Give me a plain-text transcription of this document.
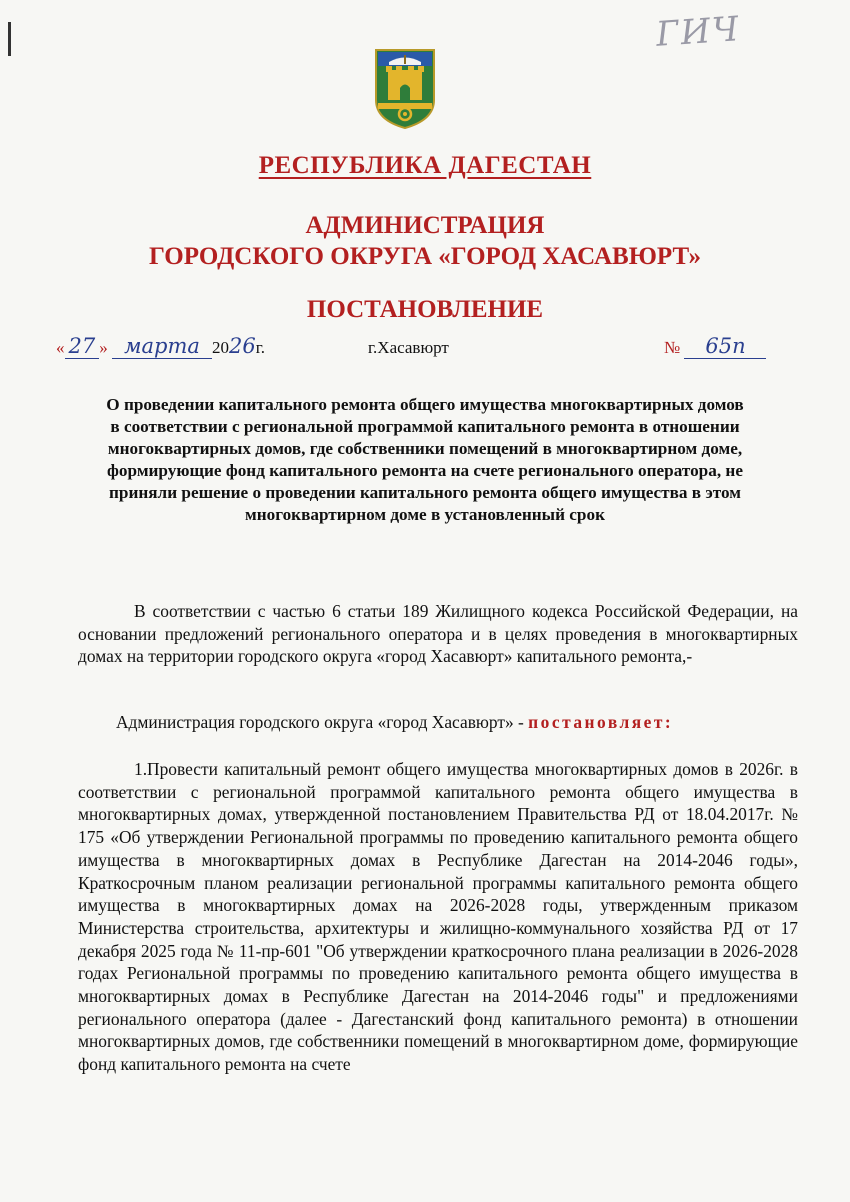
ГИЧ
РЕСПУБЛИКА ДАГЕСТАН
АДМИНИСТРАЦИЯ
ГОРОДСКОГО ОКРУГА «ГОРОД ХАСАВЮРТ»
ПОСТАНОВЛЕНИЕ
« 27 » марта 2026г.	г.Хасавюрт	№ 65п
О проведении капитального ремонта общего имущества многоквартирных домов в соответствии с региональной программой капитального ремонта в отношении многоквартирных домов, где собственники помещений в многоквартирном доме, формирующие фонд капитального ремонта на счете регионального оператора, не приняли решение о проведении капитального ремонта общего имущества в этом многоквартирном доме в установленный срок
В соответствии с частью 6 статьи 189 Жилищного кодекса Российской Федерации, на основании предложений регионального оператора и в целях проведения в многоквартирных домах на территории городского округа «город Хасавюрт» капитального ремонта,-
Администрация городского округа «город Хасавюрт» - постановляет:
1.Провести капитальный ремонт общего имущества многоквартирных домов в 2026г. в соответствии с региональной программой капитального ремонта общего имущества в многоквартирных домах, утвержденной постановлением Правительства РД от 18.04.2017г. № 175 «Об утверждении Региональной программы по проведению капитального ремонта общего имущества в многоквартирных домах в Республике Дагестан на 2014-2046 годы», Краткосрочным планом реализации региональной программы капитального ремонта общего имущества в многоквартирных домах на 2026-2028 годы, утвержденным приказом Министерства строительства, архитектуры и жилищно-коммунального хозяйства РД от 17 декабря 2025 года № 11-пр-601 "Об утверждении краткосрочного плана реализации в 2026-2028 годах Региональной программы по проведению капитального ремонта общего имущества в многоквартирных домах в Республике Дагестан на 2014-2046 годы" и предложениями регионального оператора (далее - Дагестанский фонд капитального ремонта) в отношении многоквартирных домов, где собственники помещений в многоквартирном доме, формирующие фонд капитального ремонта на счете
